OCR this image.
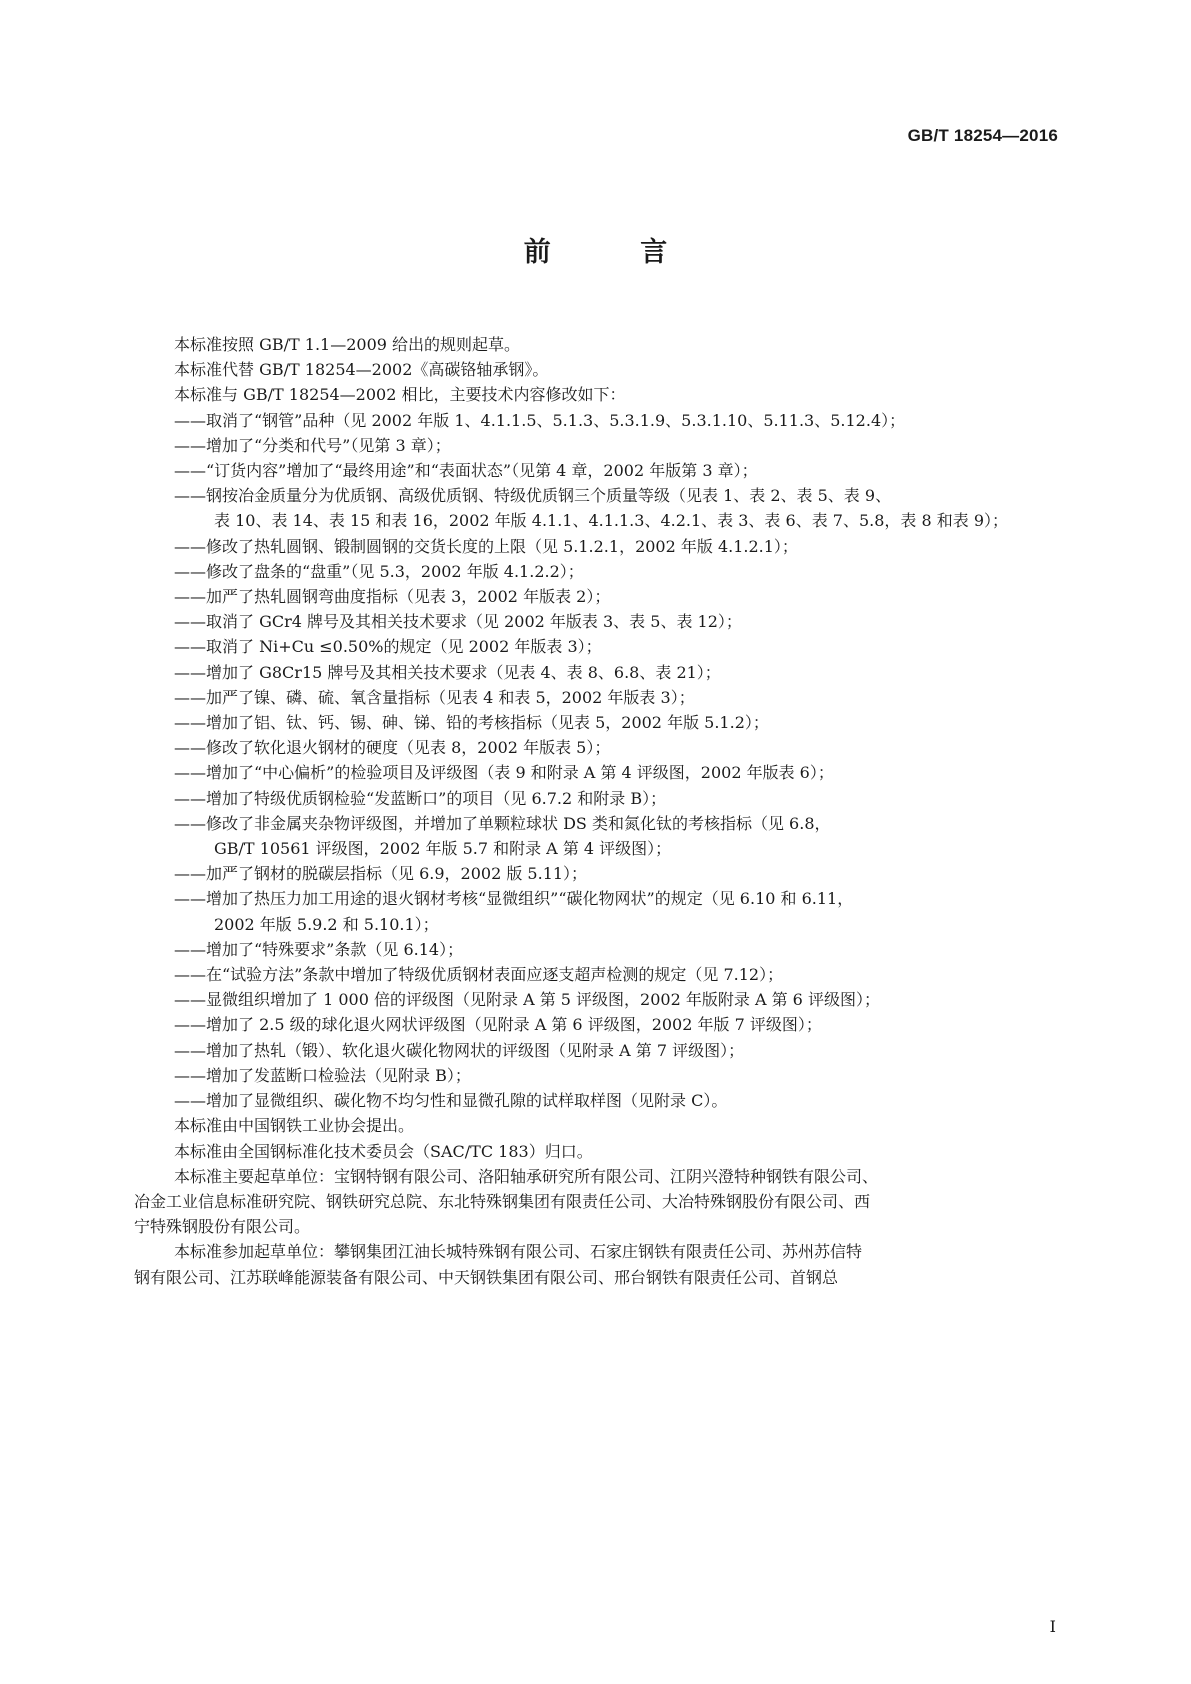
GB/T 18254—2016
前 言

本标准按照 GB/T 1.1—2009 给出的规则起草。

本标准代替 GB/T 18254—2002《高碳铬轴承钢》。

本标准与 GB/T 18254—2002 相比，主要技术内容修改如下：

——取消了“钢管”品种（见 2002 年版 1、4.1.1.5、5.1.3、5.3.1.9、5.3.1.10、5.11.3、5.12.4）；

——增加了“分类和代号”（见第 3 章）；

——“订货内容”增加了“最终用途”和“表面状态”（见第 4 章，2002 年版第 3 章）；

——钢按冶金质量分为优质钢、高级优质钢、特级优质钢三个质量等级（见表 1、表 2、表 5、表 9、

表 10、表 14、表 15 和表 16，2002 年版 4.1.1、4.1.1.3、4.2.1、表 3、表 6、表 7、5.8，表 8 和表 9）；

——修改了热轧圆钢、锻制圆钢的交货长度的上限（见 5.1.2.1，2002 年版 4.1.2.1）；

——修改了盘条的“盘重”（见 5.3，2002 年版 4.1.2.2）；

——加严了热轧圆钢弯曲度指标（见表 3，2002 年版表 2）；

——取消了 GCr4 牌号及其相关技术要求（见 2002 年版表 3、表 5、表 12）；

——取消了 Ni+Cu ≤0.50%的规定（见 2002 年版表 3）；

——增加了 G8Cr15 牌号及其相关技术要求（见表 4、表 8、6.8、表 21）；

——加严了镍、磷、硫、氧含量指标（见表 4 和表 5，2002 年版表 3）；

——增加了铝、钛、钙、锡、砷、锑、铅的考核指标（见表 5，2002 年版 5.1.2）；

——修改了软化退火钢材的硬度（见表 8，2002 年版表 5）；

——增加了“中心偏析”的检验项目及评级图（表 9 和附录 A 第 4 评级图，2002 年版表 6）；

——增加了特级优质钢检验“发蓝断口”的项目（见 6.7.2 和附录 B）；

——修改了非金属夹杂物评级图，并增加了单颗粒球状 DS 类和氮化钛的考核指标（见 6.8，

GB/T 10561 评级图，2002 年版 5.7 和附录 A 第 4 评级图）；

——加严了钢材的脱碳层指标（见 6.9，2002 版 5.11）；

——增加了热压力加工用途的退火钢材考核“显微组织”“碳化物网状”的规定（见 6.10 和 6.11，

2002 年版 5.9.2 和 5.10.1）；

——增加了“特殊要求”条款（见 6.14）；

——在“试验方法”条款中增加了特级优质钢材表面应逐支超声检测的规定（见 7.12）；

——显微组织增加了 1 000 倍的评级图（见附录 A 第 5 评级图，2002 年版附录 A 第 6 评级图）；

——增加了 2.5 级的球化退火网状评级图（见附录 A 第 6 评级图，2002 年版 7 评级图）；

——增加了热轧（锻）、软化退火碳化物网状的评级图（见附录 A 第 7 评级图）；

——增加了发蓝断口检验法（见附录 B）；

——增加了显微组织、碳化物不均匀性和显微孔隙的试样取样图（见附录 C）。

本标准由中国钢铁工业协会提出。

本标准由全国钢标准化技术委员会（SAC/TC 183）归口。

本标准主要起草单位：宝钢特钢有限公司、洛阳轴承研究所有限公司、江阴兴澄特种钢铁有限公司、

冶金工业信息标准研究院、钢铁研究总院、东北特殊钢集团有限责任公司、大冶特殊钢股份有限公司、西

宁特殊钢股份有限公司。

本标准参加起草单位：攀钢集团江油长城特殊钢有限公司、石家庄钢铁有限责任公司、苏州苏信特

钢有限公司、江苏联峰能源装备有限公司、中天钢铁集团有限公司、邢台钢铁有限责任公司、首钢总

I
